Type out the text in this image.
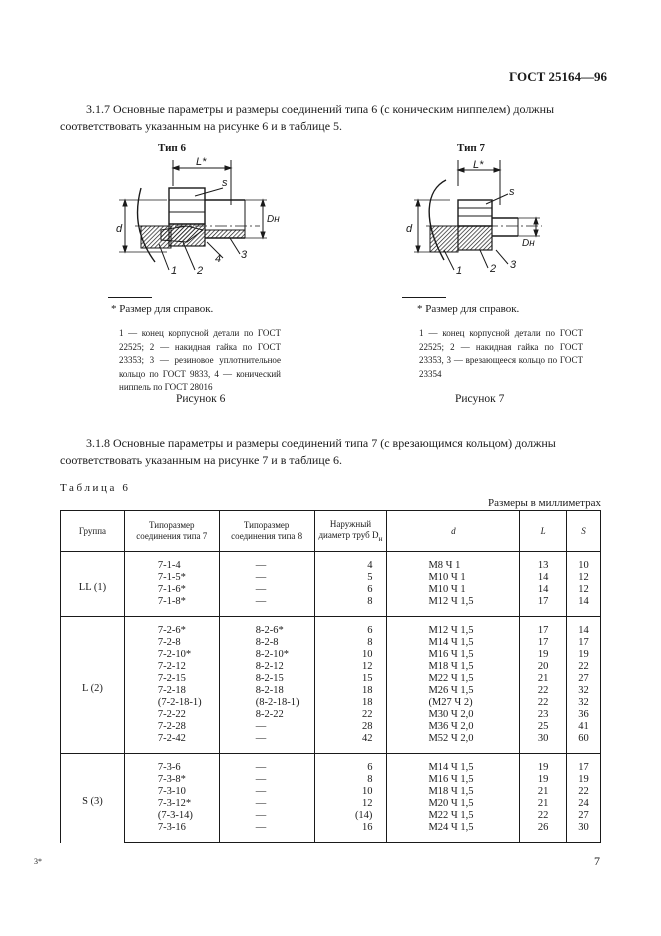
ГОСТ 25164—96
3.1.7 Основные параметры и размеры соединений типа 6 (с коническим ниппелем) должны
соответствовать указанным на рисунке 6 и в таблице 5.
Тип 6
L*
s
d
Dн
1 2
4 3
* Размер для справок.
1 — конец корпусной детали по ГОСТ 22525; 2 — накидная гайка по ГОСТ 23353; 3 — резиновое уплотнительное кольцо по ГОСТ 9833, 4 — конический ниппель по ГОСТ 28016
Рисунок 6
Тип 7
L*
s
d
Dн
1	2 3
* Размер для справок.
1 — конец корпусной детали по ГОСТ 22525; 2 — накидная гайка по ГОСТ 23353, 3 — врезающееся кольцо по ГОСТ 23354
Рисунок 7
3.1.8 Основные параметры и размеры соединений типа 7 (с врезающимся кольцом) должны
соответствовать указанным на рисунке 7 и в таблице 6.
Таблица 6
Размеры в миллиметрах
Группа	Типоразмер соединения типа 7	Типоразмер соединения типа 8	Наружный диаметр труб $D_н$	d	L	S
LL (1)	7-1-4	—	4	M8 Ч 1	13	10
	7-1-5*	—	5	M10 Ч 1	14	12
	7-1-6*	—	6	M10 Ч 1	14	12
	7-1-8*	—	8	M12 Ч 1,5	17	14
L (2)	7-2-6*	8-2-6*	6	M12 Ч 1,5	17	14
	7-2-8	8-2-8	8	M14 Ч 1,5	17	17
	7-2-10*	8-2-10*	10	M16 Ч 1,5	19	19
	7-2-12	8-2-12	12	M18 Ч 1,5	20	22
	7-2-15	8-2-15	15	M22 Ч 1,5	21	27
	7-2-18	8-2-18	18	M26 Ч 1,5	22	32
	(7-2-18-1)	(8-2-18-1)	18	(M27 Ч 2)	22	32
	7-2-22	8-2-22	22	M30 Ч 2,0	23	36
	7-2-28	—	28	M36 Ч 2,0	25	41
	7-2-42	—	42	M52 Ч 2,0	30	60
S (3)	7-3-6	—	6	M14 Ч 1,5	19	17
	7-3-8*	—	8	M16 Ч 1,5	19	19
	7-3-10	—	10	M18 Ч 1,5	21	22
	7-3-12*	—	12	M20 Ч 1,5	21	24
	(7-3-14)	—	(14)	M22 Ч 1,5	22	27
	7-3-16	—	16	M24 Ч 1,5	26	30
3*	7
